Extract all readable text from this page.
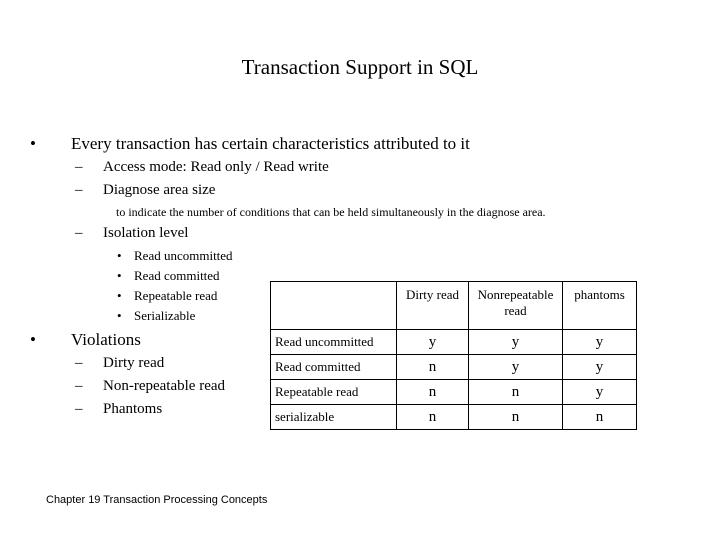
Transaction Support in SQL
• Every transaction has certain characteristics attributed to it
– Access mode: Read only / Read write
– Diagnose area size
to indicate the number of conditions that can be held simultaneously in the diagnose area.
– Isolation level
• Read uncommitted
• Read committed
• Repeatable read
• Serializable
• Violations
– Dirty read
– Non-repeatable read
– Phantoms
	Dirty read	Nonrepeatable read	phantoms
Read uncommitted	y	y	y
Read committed	n	y	y
Repeatable read	n	n	y
serializable	n	n	n
Chapter 19 Transaction Processing Concepts
